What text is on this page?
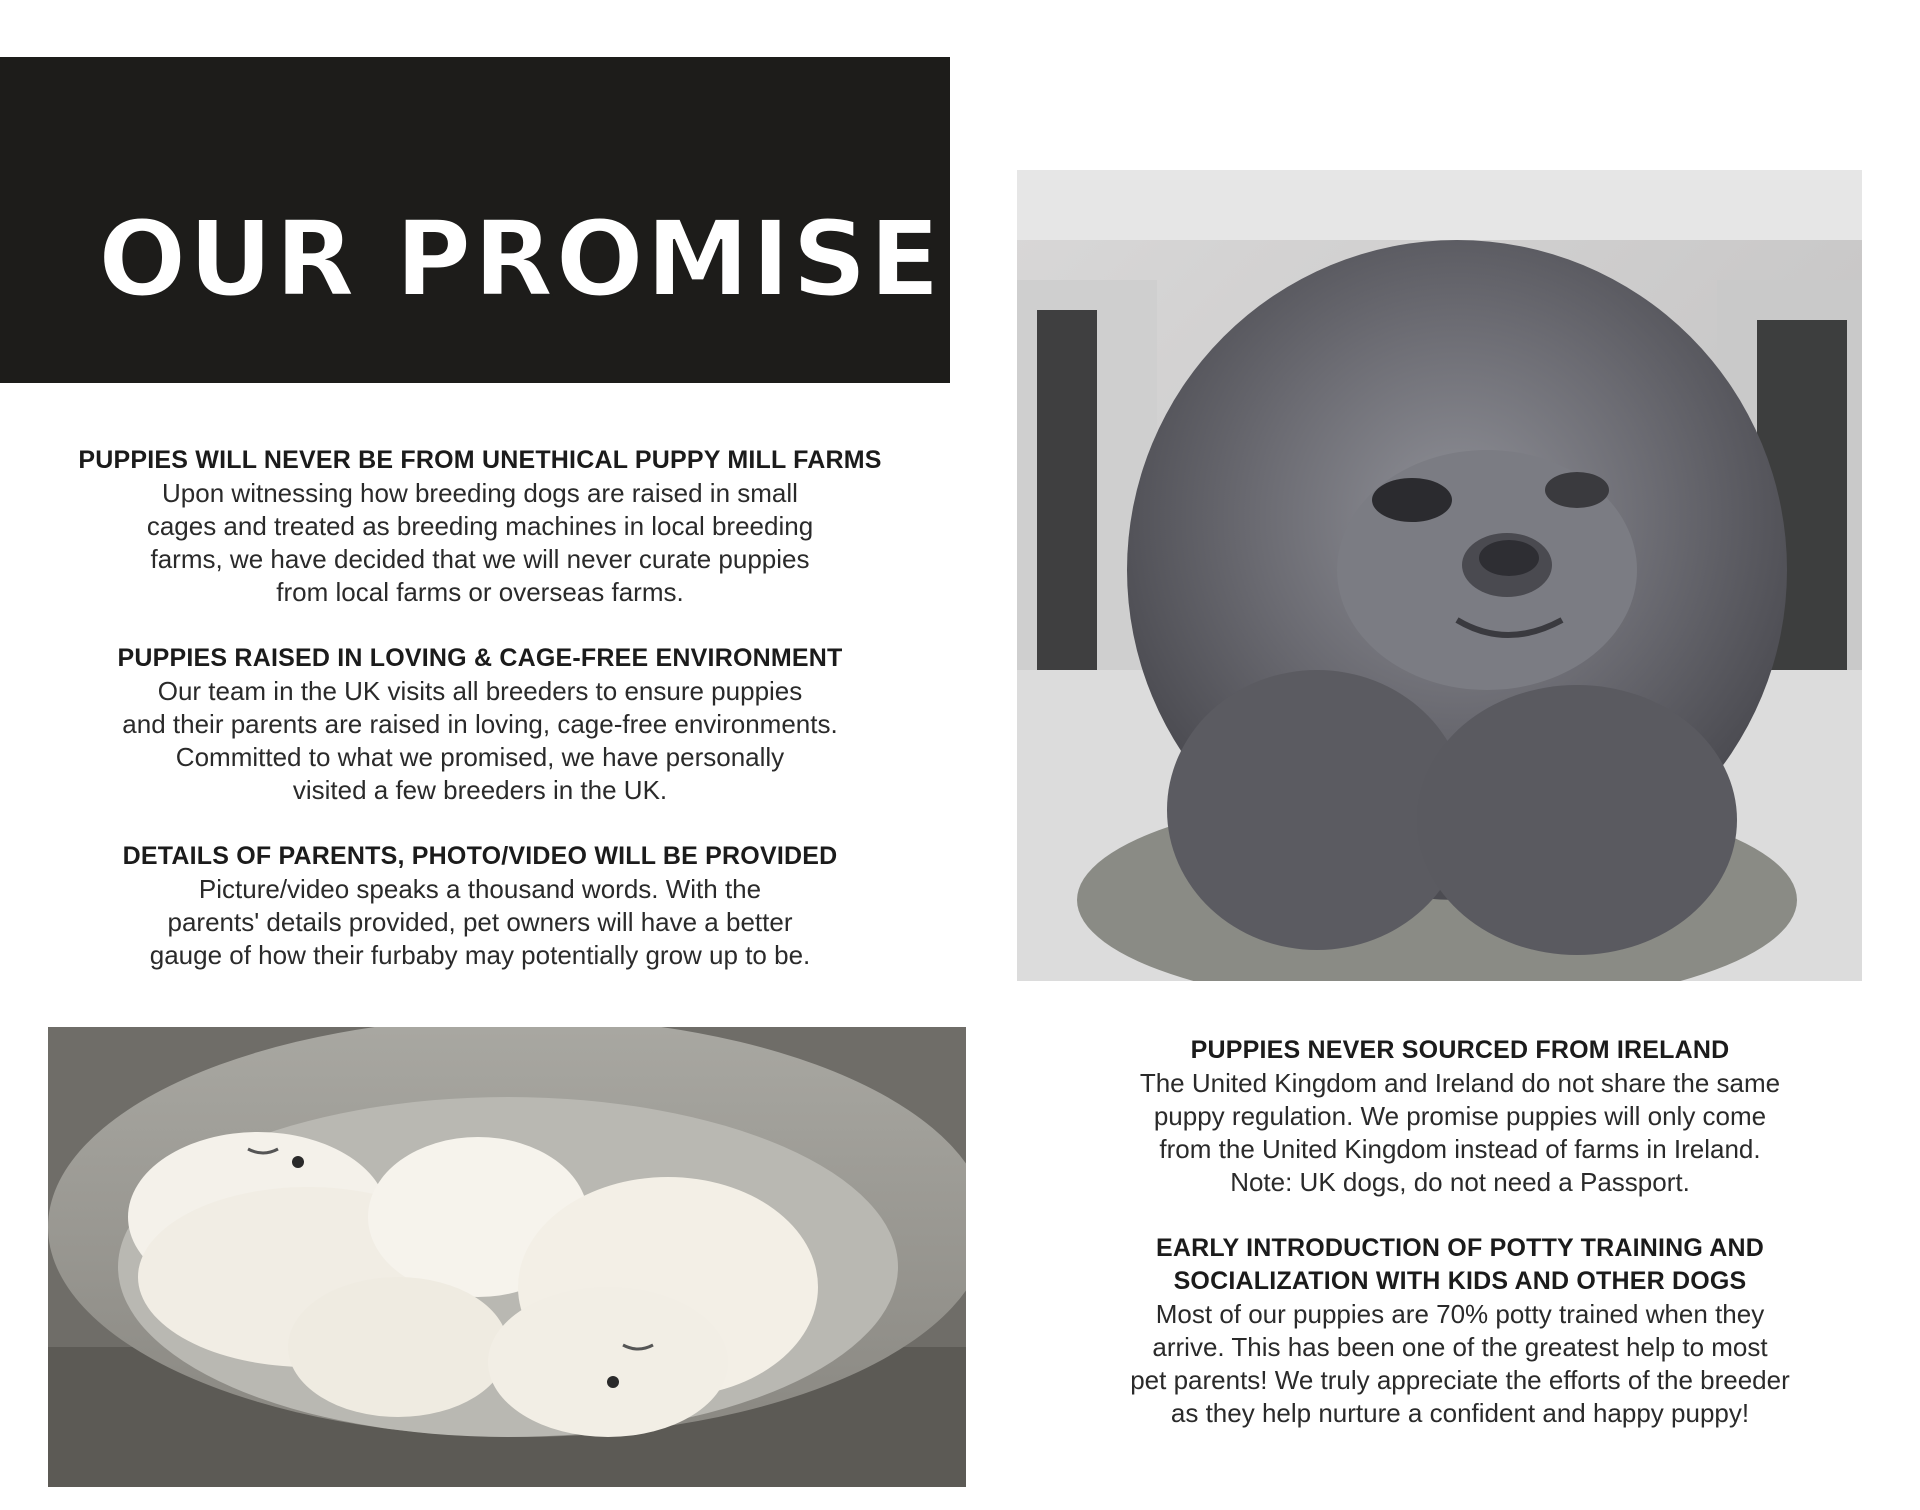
OUR PROMISE
PUPPIES WILL NEVER BE FROM UNETHICAL PUPPY MILL FARMS
Upon witnessing how breeding dogs are raised in small
cages and treated as breeding machines in local breeding
farms, we have decided that we will never curate puppies
from local farms or overseas farms.
PUPPIES RAISED IN LOVING & CAGE-FREE ENVIRONMENT
Our team in the UK visits all breeders to ensure puppies
and their parents are raised in loving, cage-free environments.
Committed to what we promised, we have personally
visited a few breeders in the UK.
DETAILS OF PARENTS, PHOTO/VIDEO WILL BE PROVIDED
Picture/video speaks a thousand words. With the
parents' details provided, pet owners will have a better
gauge of how their furbaby may potentially grow up to be.
PUPPIES NEVER SOURCED FROM IRELAND
The United Kingdom and Ireland do not share the same
puppy regulation. We promise puppies will only come
from the United Kingdom instead of farms in Ireland.
Note: UK dogs, do not need a Passport.
EARLY INTRODUCTION OF POTTY TRAINING AND
SOCIALIZATION WITH KIDS AND OTHER DOGS
Most of our puppies are 70% potty trained when they
arrive. This has been one of the greatest help to most
pet parents! We truly appreciate the efforts of the breeder
as they help nurture a confident and happy puppy!
